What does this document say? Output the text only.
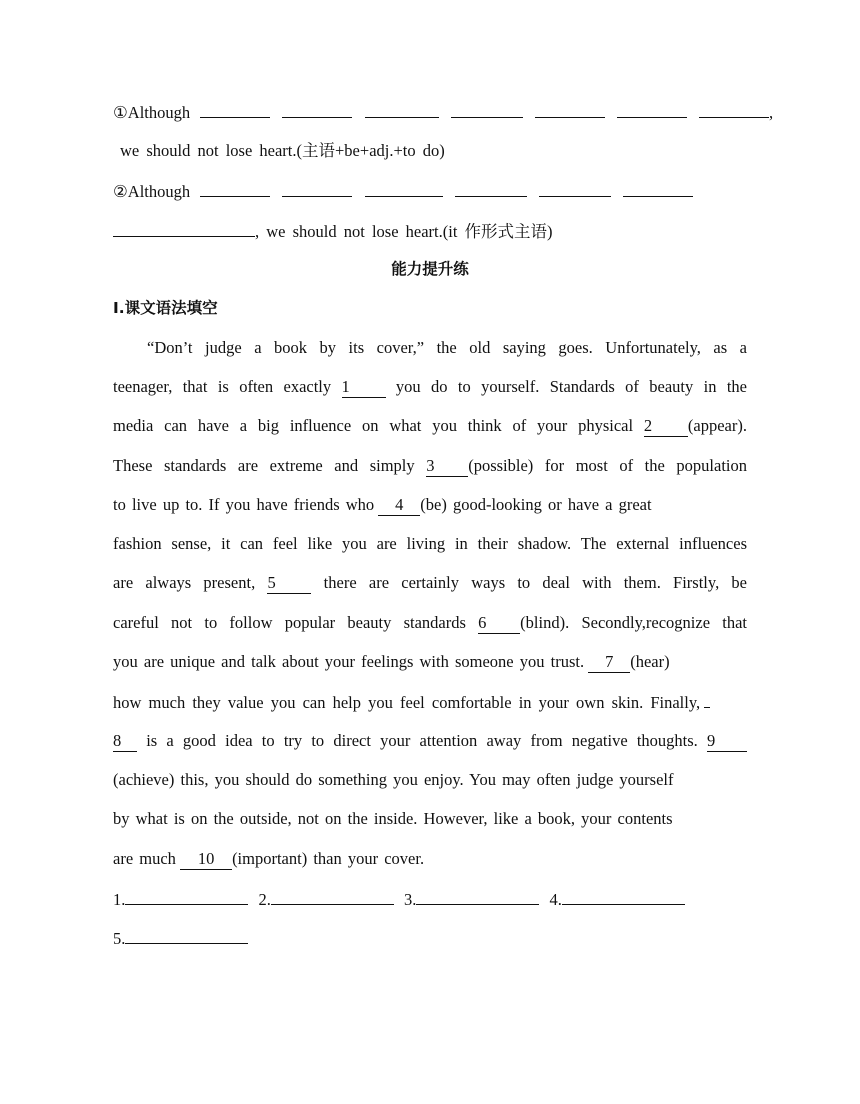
①Although	,
we should not lose heart.(主语+be+adj.+to do)
②Although
, we should not lose heart.(it 作形式主语)
能力提升练
Ⅰ.课文语法填空
“Don’t judge a book by its cover,” the old saying goes. Unfortunately, as a
teenager, that is often exactly 1	you do to yourself. Standards of beauty in the
media can have a big influence on what you think of your physical 2 (appear).
These standards are extreme and simply 3 (possible) for most of the population
to live up to. If you have friends who 4 (be) good-looking or have a great
fashion sense, it can feel like you are living in their shadow. The external influences
are always present, 5	there are certainly ways to deal with them. Firstly, be
careful not to follow popular beauty standards 6 (blind). Secondly,recognize that
you are unique and talk about your feelings with someone you trust. 7 (hear)
how much they value you can help you feel comfortable in your own skin. Finally,
8 is a good idea to try to direct your attention away from negative thoughts. 9
(achieve) this, you should do something you enjoy. You may often judge yourself
by what is on the outside, not on the inside. However, like a book, your contents
are much 10 (important) than your cover.
1.	2.	3.	4.
5.
